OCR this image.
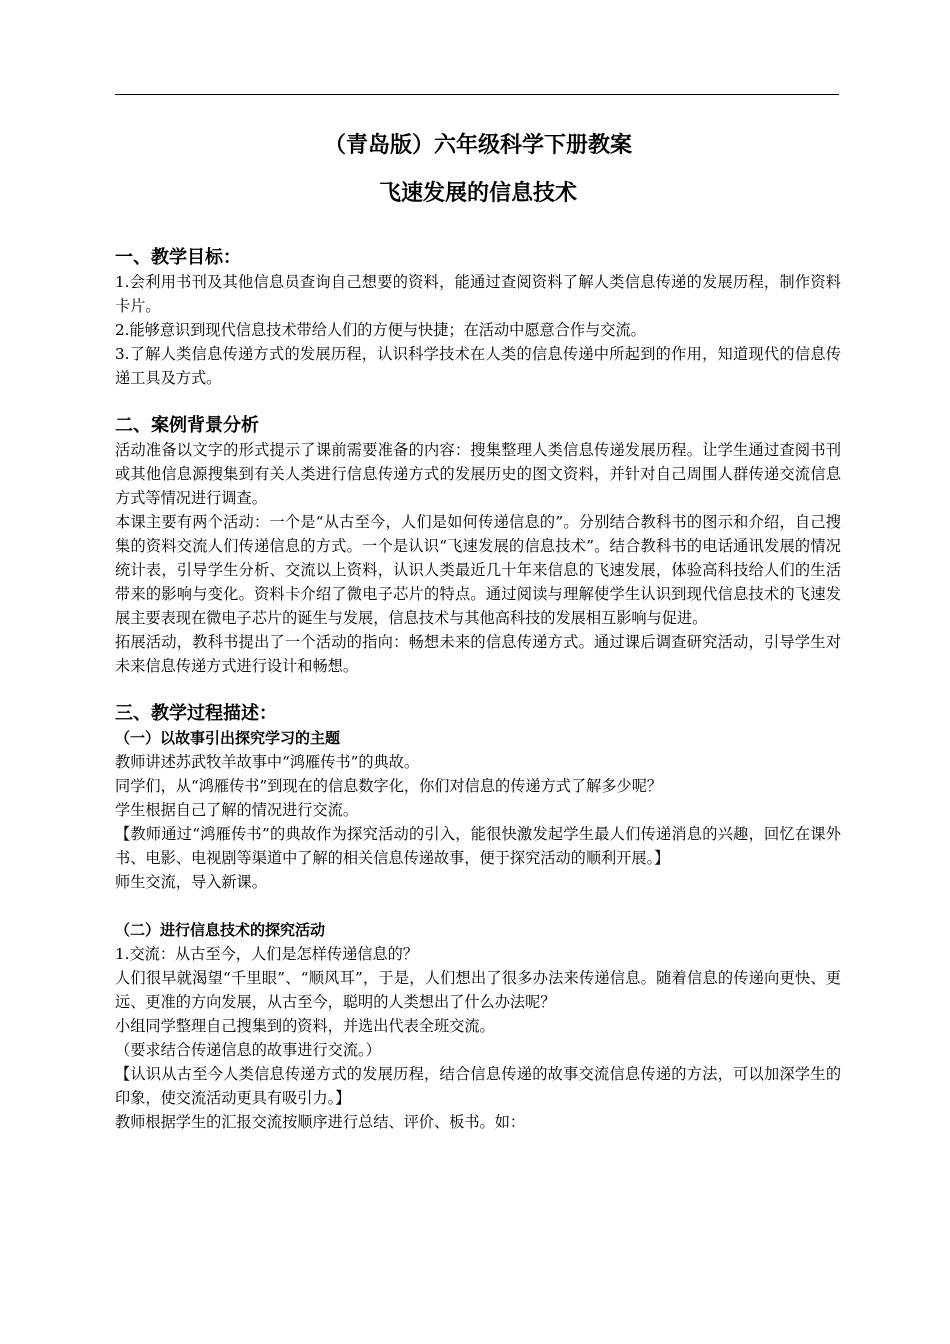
（青岛版）六年级科学下册教案
飞速发展的信息技术
一、教学目标：

1.会利用书刊及其他信息员查询自己想要的资料，能通过查阅资料了解人类信息传递的发展历程，制作资料卡片。

2.能够意识到现代信息技术带给人们的方便与快捷；在活动中愿意合作与交流。

3.了解人类信息传递方式的发展历程，认识科学技术在人类的信息传递中所起到的作用，知道现代的信息传递工具及方式。

二、案例背景分析

活动准备以文字的形式提示了课前需要准备的内容：搜集整理人类信息传递发展历程。让学生通过查阅书刊或其他信息源搜集到有关人类进行信息传递方式的发展历史的图文资料，并针对自己周围人群传递交流信息方式等情况进行调查。

本课主要有两个活动：一个是“从古至今，人们是如何传递信息的”。分别结合教科书的图示和介绍，自己搜集的资料交流人们传递信息的方式。一个是认识“飞速发展的信息技术”。结合教科书的电话通讯发展的情况统计表，引导学生分析、交流以上资料，认识人类最近几十年来信息的飞速发展，体验高科技给人们的生活带来的影响与变化。资料卡介绍了微电子芯片的特点。通过阅读与理解使学生认识到现代信息技术的飞速发展主要表现在微电子芯片的诞生与发展，信息技术与其他高科技的发展相互影响与促进。

拓展活动，教科书提出了一个活动的指向：畅想未来的信息传递方式。通过课后调查研究活动，引导学生对未来信息传递方式进行设计和畅想。

三、教学过程描述：
（一）以故事引出探究学习的主题

教师讲述苏武牧羊故事中“鸿雁传书”的典故。

同学们，从“鸿雁传书”到现在的信息数字化，你们对信息的传递方式了解多少呢？

学生根据自己了解的情况进行交流。

【教师通过“鸿雁传书”的典故作为探究活动的引入，能很快激发起学生最人们传递消息的兴趣，回忆在课外书、电影、电视剧等渠道中了解的相关信息传递故事，便于探究活动的顺利开展。】

师生交流，导入新课。

（二）进行信息技术的探究活动

1.交流：从古至今，人们是怎样传递信息的？

人们很早就渴望“千里眼”、“顺风耳”，于是，人们想出了很多办法来传递信息。随着信息的传递向更快、更远、更准的方向发展，从古至今，聪明的人类想出了什么办法呢？

小组同学整理自己搜集到的资料，并选出代表全班交流。

（要求结合传递信息的故事进行交流。）

【认识从古至今人类信息传递方式的发展历程，结合信息传递的故事交流信息传递的方法，可以加深学生的印象，使交流活动更具有吸引力。】

教师根据学生的汇报交流按顺序进行总结、评价、板书。如：
